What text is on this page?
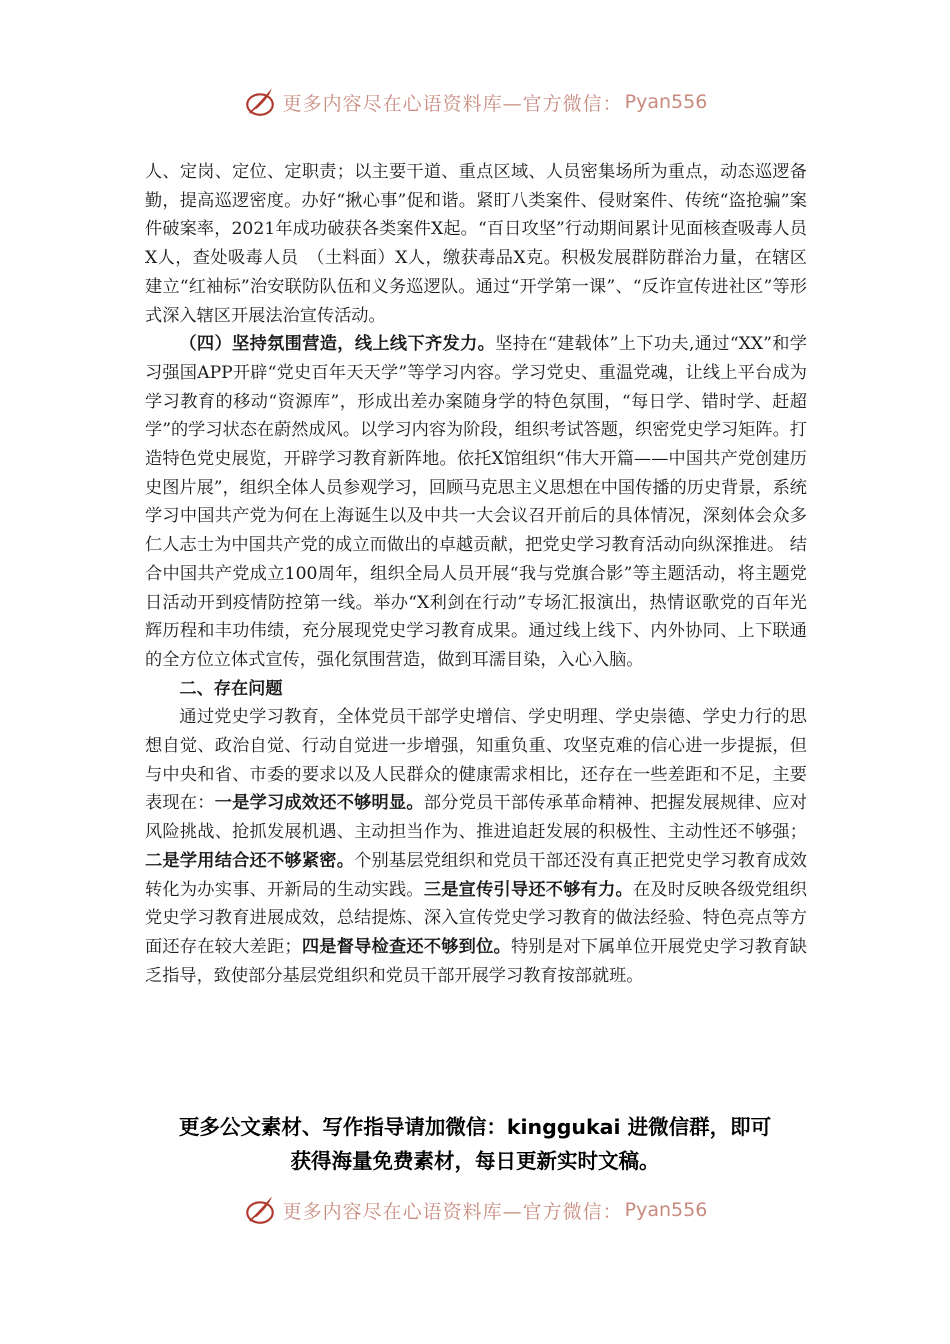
更多内容尽在心语资料库—官方微信： Pyan556

人、定岗、定位、定职责；以主要干道、重点区域、人员密集场所为重点，动态巡逻备勤，提高巡逻密度。办好“揪心事”促和谐。紧盯八类案件、侵财案件、传统“盗抢骗”案件破案率，2021年成功破获各类案件X起。“百日攻坚”行动期间累计见面核查吸毒人员X人，查处吸毒人员　（土料面）X人，缴获毒品X克。积极发展群防群治力量，在辖区建立“红袖标”治安联防队伍和义务巡逻队。通过“开学第一课”、“反诈宣传进社区”等形式深入辖区开展法治宣传活动。

（四）坚持氛围营造，线上线下齐发力。坚持在“建载体”上下功夫,通过“XX”和学习强国APP开辟“党史百年天天学”等学习内容。学习党史、重温党魂，让线上平台成为学习教育的移动“资源库”，形成出差办案随身学的特色氛围，“每日学、错时学、赶超学”的学习状态在蔚然成风。以学习内容为阶段，组织考试答题，织密党史学习矩阵。打造特色党史展览，开辟学习教育新阵地。依托X馆组织“伟大开篇——中国共产党创建历史图片展”，组织全体人员参观学习，回顾马克思主义思想在中国传播的历史背景，系统学习中国共产党为何在上海诞生以及中共一大会议召开前后的具体情况，深刻体会众多仁人志士为中国共产党的成立而做出的卓越贡献，把党史学习教育活动向纵深推进。 结合中国共产党成立100周年，组织全局人员开展“我与党旗合影”等主题活动，将主题党日活动开到疫情防控第一线。举办“X利剑在行动”专场汇报演出，热情讴歌党的百年光辉历程和丰功伟绩，充分展现党史学习教育成果。通过线上线下、内外协同、上下联通的全方位立体式宣传，强化氛围营造，做到耳濡目染，入心入脑。

二、存在问题

通过党史学习教育，全体党员干部学史增信、学史明理、学史崇德、学史力行的思想自觉、政治自觉、行动自觉进一步增强，知重负重、攻坚克难的信心进一步提振，但与中央和省、市委的要求以及人民群众的健康需求相比，还存在一些差距和不足，主要表现在：一是学习成效还不够明显。部分党员干部传承革命精神、把握发展规律、应对风险挑战、抢抓发展机遇、主动担当作为、推进追赶发展的积极性、主动性还不够强；二是学用结合还不够紧密。个别基层党组织和党员干部还没有真正把党史学习教育成效转化为办实事、开新局的生动实践。三是宣传引导还不够有力。在及时反映各级党组织党史学习教育进展成效，总结提炼、深入宣传党史学习教育的做法经验、特色亮点等方面还存在较大差距；四是督导检查还不够到位。特别是对下属单位开展党史学习教育缺乏指导，致使部分基层党组织和党员干部开展学习教育按部就班。

更多公文素材、写作指导请加微信：kinggukai 进微信群，即可
获得海量免费素材，每日更新实时文稿。
更多内容尽在心语资料库—官方微信： Pyan556
